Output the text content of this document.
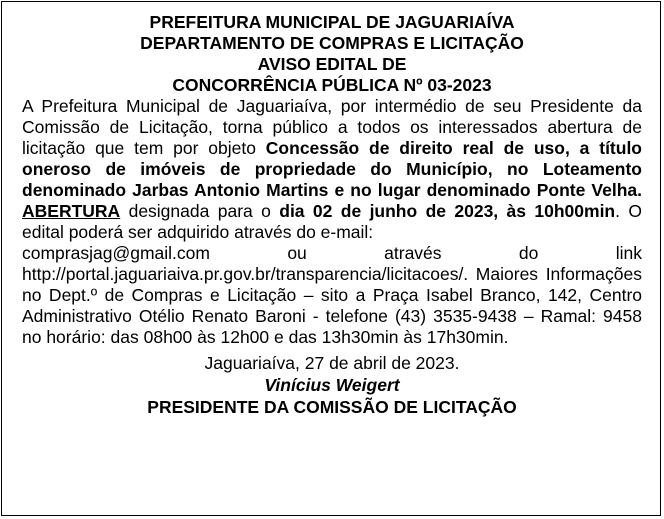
PREFEITURA MUNICIPAL DE JAGUARIAÍVA
DEPARTAMENTO DE COMPRAS E LICITAÇÃO
AVISO EDITAL DE
CONCORRÊNCIA PÚBLICA Nº 03-2023
A Prefeitura Municipal de Jaguariaíva, por intermédio de seu Presidente da Comissão de Licitação, torna público a todos os interessados abertura de licitação que tem por objeto Concessão de direito real de uso, a título oneroso de imóveis de propriedade do Município, no Loteamento denominado Jarbas Antonio Martins e no lugar denominado Ponte Velha. ABERTURA designada para o dia 02 de junho de 2023, às 10h00min. O edital poderá ser adquirido através do e-mail:
comprasjag@gmail.com ou através do link
http://portal.jaguariaiva.pr.gov.br/transparencia/licitacoes/. Maiores Informações no Dept.º de Compras e Licitação – sito a Praça Isabel Branco, 142, Centro Administrativo Otélio Renato Baroni - telefone (43) 3535-9438 – Ramal: 9458 no horário: das 08h00 às 12h00 e das 13h30min às 17h30min.
Jaguariaíva, 27 de abril de 2023.
Vinícius Weigert
PRESIDENTE DA COMISSÃO DE LICITAÇÃO
